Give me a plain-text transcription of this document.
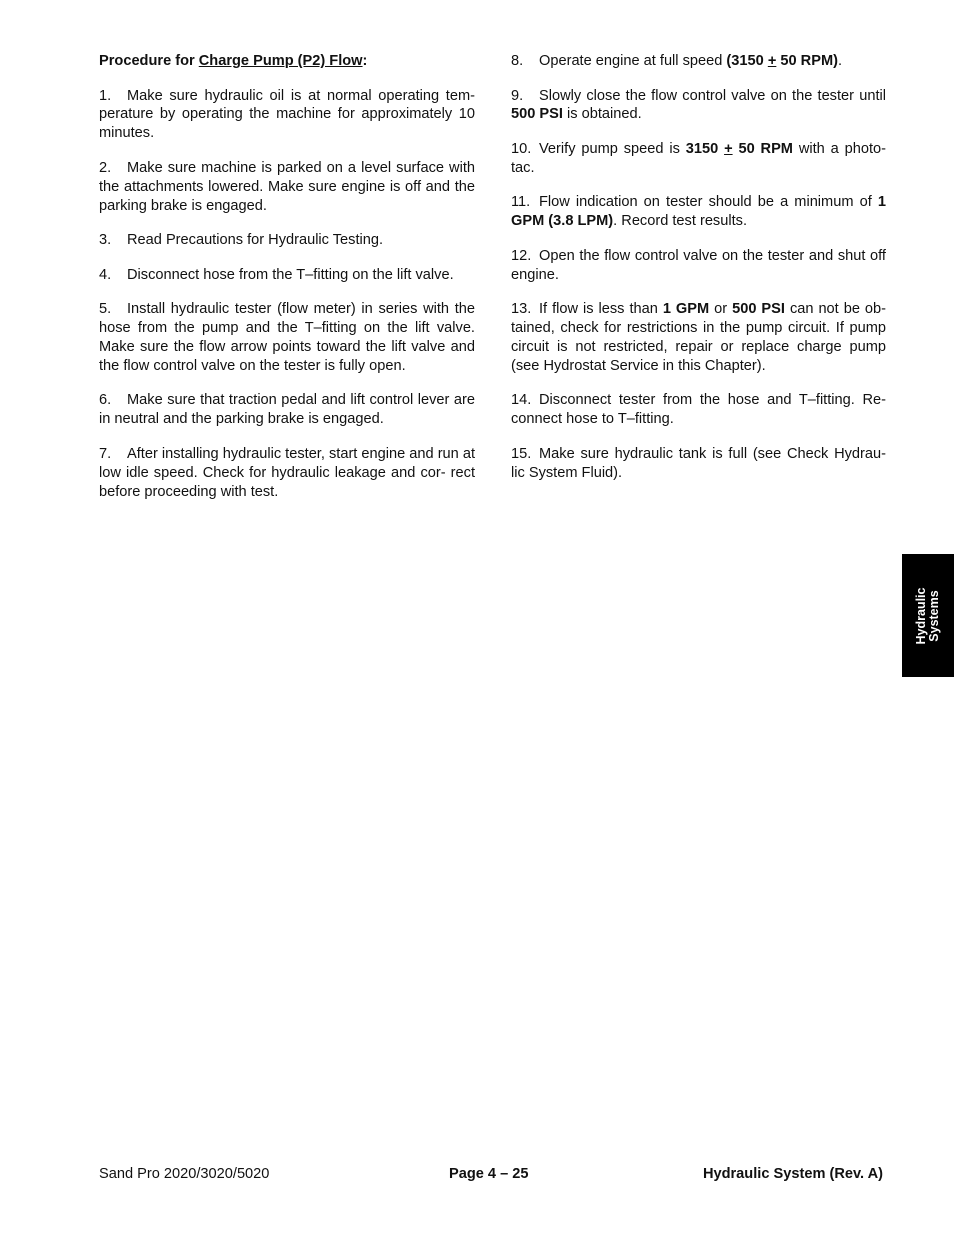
Procedure for Charge Pump (P2) Flow:

1. Make sure hydraulic oil is at normal operating tem- perature by operating the machine for approximately 10 minutes.

2. Make sure machine is parked on a level surface with the attachments lowered. Make sure engine is off and the parking brake is engaged.

3. Read Precautions for Hydraulic Testing.

4. Disconnect hose from the T–fitting on the lift valve.

5. Install hydraulic tester (flow meter) in series with the hose from the pump and the T–fitting on the lift valve. Make sure the flow arrow points toward the lift valve and the flow control valve on the tester is fully open.

6. Make sure that traction pedal and lift control lever are in neutral and the parking brake is engaged.

7. After installing hydraulic tester, start engine and run at low idle speed. Check for hydraulic leakage and cor- rect before proceeding with test.

8. Operate engine at full speed (3150 + 50 RPM).

9. Slowly close the flow control valve on the tester until 500 PSI is obtained.

10. Verify pump speed is 3150 + 50 RPM with a photo- tac.

11. Flow indication on tester should be a minimum of 1 GPM (3.8 LPM). Record test results.

12. Open the flow control valve on the tester and shut off engine.

13. If flow is less than 1 GPM or 500 PSI can not be ob- tained, check for restrictions in the pump circuit. If pump circuit is not restricted, repair or replace charge pump (see Hydrostat Service in this Chapter).

14. Disconnect tester from the hose and T–fitting. Re- connect hose to T–fitting.

15. Make sure hydraulic tank is full (see Check Hydrau- lic System Fluid).

Hydraulic Systems
Sand Pro 2020/3020/5020	Page 4 – 25	Hydraulic System (Rev. A)
